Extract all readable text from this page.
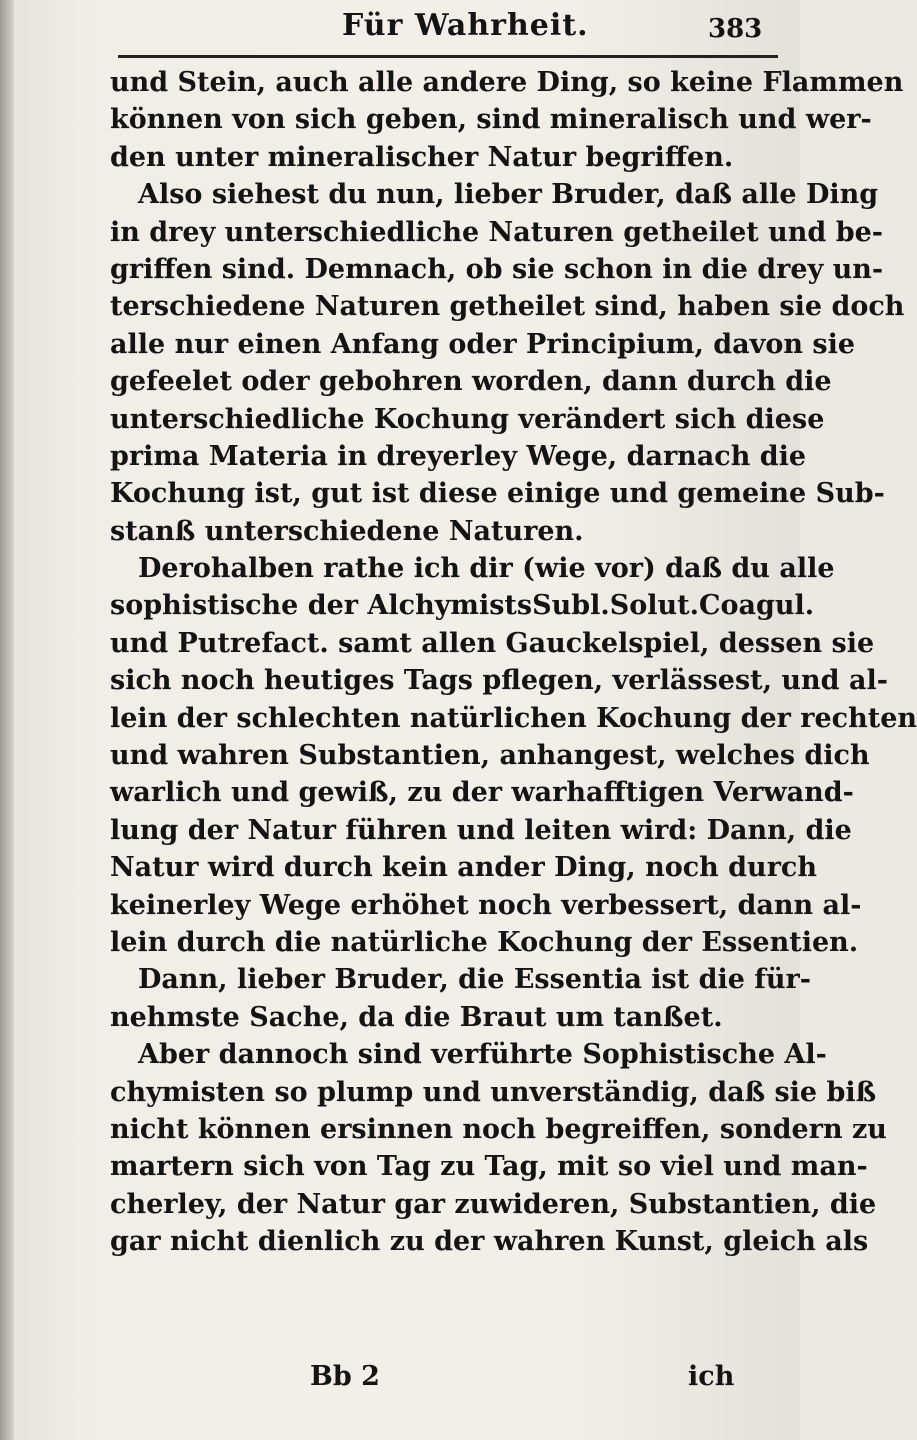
Für Wahrheit.	383
und Stein, auch alle andere Ding, so keine Flammen
können von sich geben, sind mineralisch und wer-
den unter mineralischer Natur begriffen.
Also siehest du nun, lieber Bruder, daß alle Ding
in drey unterschiedliche Naturen getheilet und be-
griffen sind. Demnach, ob sie schon in die drey un-
terschiedene Naturen getheilet sind, haben sie doch
alle nur einen Anfang oder Principium, davon sie
gefeelet oder gebohren worden, dann durch die
unterschiedliche Kochung verändert sich diese
prima Materia in dreyerley Wege, darnach die
Kochung ist, gut ist diese einige und gemeine Sub-
stanß unterschiedene Naturen.
Derohalben rathe ich dir (wie vor) daß du alle
sophistische der AlchymistsSubl.Solut.Coagul.
und Putrefact. samt allen Gauckelspiel, dessen sie
sich noch heutiges Tags pflegen, verlässest, und al-
lein der schlechten natürlichen Kochung der rechten
und wahren Substantien, anhangest, welches dich
warlich und gewiß, zu der warhafftigen Verwand-
lung der Natur führen und leiten wird: Dann, die
Natur wird durch kein ander Ding, noch durch
keinerley Wege erhöhet noch verbessert, dann al-
lein durch die natürliche Kochung der Essentien.
Dann, lieber Bruder, die Essentia ist die für-
nehmste Sache, da die Braut um tanßet.
Aber dannoch sind verführte Sophistische Al-
chymisten so plump und unverständig, daß sie biß
nicht können ersinnen noch begreiffen, sondern zu
martern sich von Tag zu Tag, mit so viel und man-
cherley, der Natur gar zuwideren, Substantien, die
gar nicht dienlich zu der wahren Kunst, gleich als
Bb 2	ich
